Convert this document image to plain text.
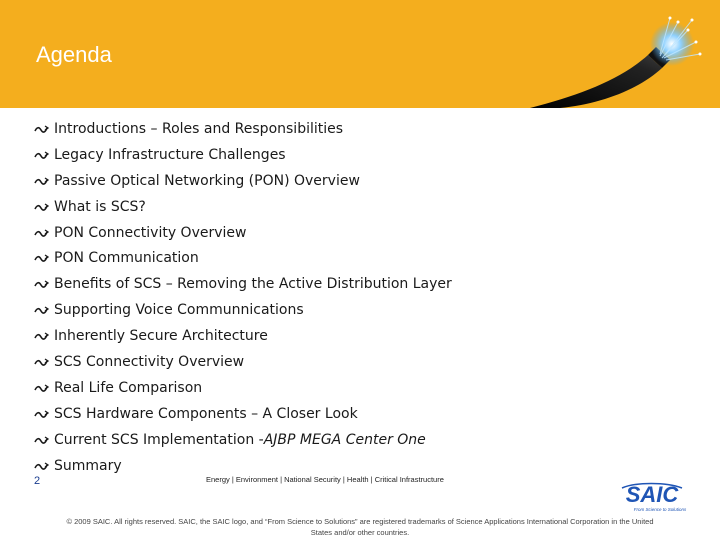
Agenda
Introductions – Roles and Responsibilities
Legacy Infrastructure Challenges
Passive Optical Networking (PON) Overview
What is SCS?
PON Connectivity Overview
PON Communication
Benefits of SCS – Removing the Active Distribution Layer
Supporting Voice Communnications
Inherently Secure Architecture
SCS Connectivity Overview
Real Life Comparison
SCS Hardware Components – A Closer Look
Current SCS Implementation - AJBP MEGA Center One
Summary
2	Energy | Environment | National Security | Health | Critical Infrastructure
SAIC
From Science to Solutions
© 2009 SAIC. All rights reserved. SAIC, the SAIC logo, and “From Science to Solutions” are registered trademarks of Science Applications International Corporation in the United
States and/or other countries.
